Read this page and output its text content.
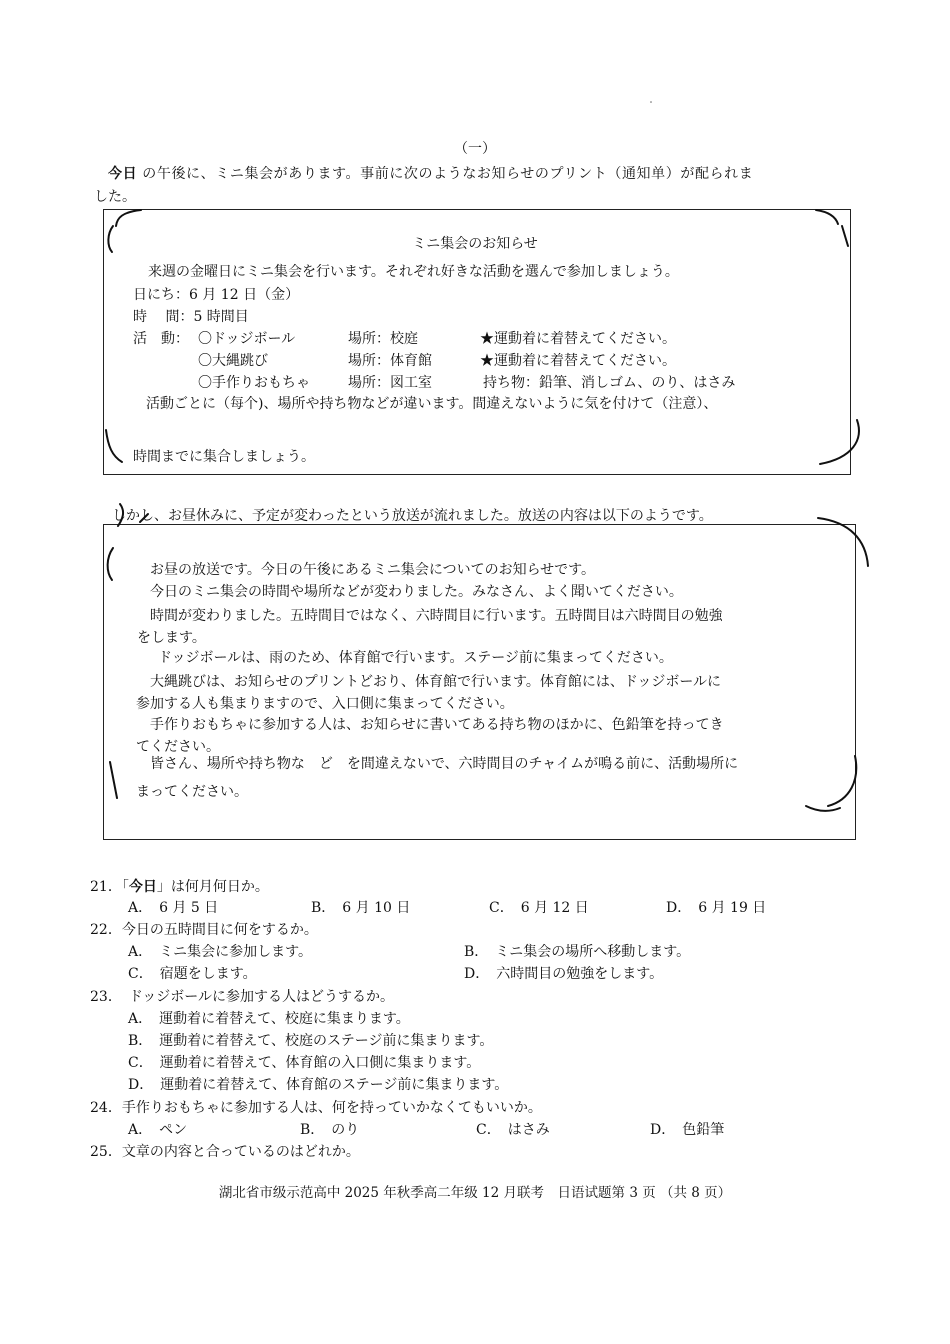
（一）
今日 の午後に、ミニ集会があります。事前に次のようなお知らせのプリント（通知单）が配られま
した。
ミニ集会のお知らせ
来週の金曜日にミニ集会を行います。それぞれ好きな活動を選んで参加しましょう。
日にち：6 月 12 日（金）
時　 間：5 時間目
活　動： 〇ドッジボール	場所：校庭	★運動着に着替えてください。
〇大縄跳び	場所：体育館	★運動着に着替えてください。
〇手作りおもちゃ	場所：図工室	持ち物：鉛筆、消しゴム、のり、はさみ
活動ごとに（每个)、場所や持ち物などが違います。間違えないように気を付けて（注意）、
時間までに集合しましょう。
しかし、お昼休みに、予定が変わったという放送が流れました。放送の内容は以下のようです。
お昼の放送です。今日の午後にあるミニ集会についてのお知らせです。
今日のミニ集会の時間や場所などが変わりました。みなさん、よく聞いてください。
時間が変わりました。五時間目ではなく、六時間目に行います。五時間目は六時間目の勉強
をします。
ドッジボールは、雨のため、体育館で行います。ステージ前に集まってください。
大縄跳びは、お知らせのプリントどおり、体育館で行います。体育館には、ドッジボールに
参加する人も集まりますので、入口側に集まってください。
手作りおもちゃに参加する人は、お知らせに書いてある持ち物のほかに、色鉛筆を持ってき
てください。
皆さん、場所や持ち物な　ど　を間違えないで、六時間目のチャイムが鳴る前に、活動場所に
まってください。
21．「今日」は何月何日か。
A．　6 月 5 日	B．　6 月 10 日	C．　6 月 12 日	D．　6 月 19 日
22．今日の五時間目に何をするか。
A．　ミニ集会に参加します。	B．　ミニ集会の場所へ移動します。
C．　宿題をします。	D．　六時間目の勉強をします。
23．　ドッジボールに参加する人はどうするか。
A．　運動着に着替えて、校庭に集まります。
B．　運動着に着替えて、校庭のステージ前に集まります。
C．　運動着に着替えて、体育館の入口側に集まります。
D．　運動着に着替えて、体育館のステージ前に集まります。
24．手作りおもちゃに参加する人は、何を持っていかなくてもいいか。
A．　ペン	B．　のり	C．　はさみ	D．　色鉛筆
25．文章の内容と合っているのはどれか。
湖北省市级示范高中 2025 年秋季高二年级 12 月联考　日语试题第 3 页 （共 8 页）
